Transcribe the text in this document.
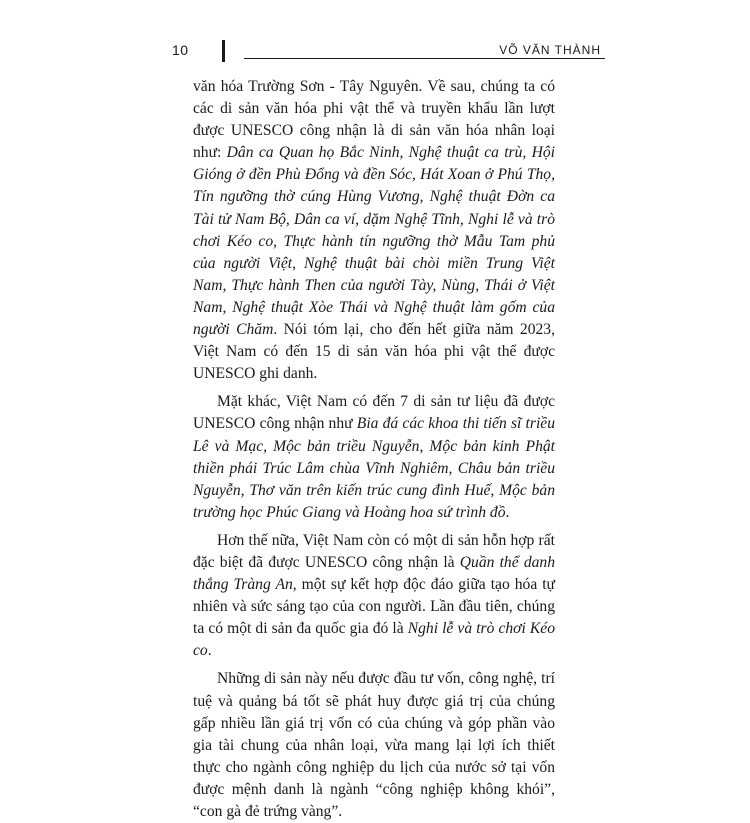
10	VÕ VĂN THÀNH

văn hóa Trường Sơn - Tây Nguyên. Về sau, chúng ta có các di sản văn hóa phi vật thể và truyền khẩu lần lượt được UNESCO công nhận là di sản văn hóa nhân loại như: Dân ca Quan họ Bắc Ninh, Nghệ thuật ca trù, Hội Gióng ở đền Phù Đổng và đền Sóc, Hát Xoan ở Phú Thọ, Tín ngưỡng thờ cúng Hùng Vương, Nghệ thuật Đờn ca Tài tử Nam Bộ, Dân ca ví, dặm Nghệ Tĩnh, Nghi lễ và trò chơi Kéo co, Thực hành tín ngưỡng thờ Mẫu Tam phủ của người Việt, Nghệ thuật bài chòi miền Trung Việt Nam, Thực hành Then của người Tày, Nùng, Thái ở Việt Nam, Nghệ thuật Xòe Thái và Nghệ thuật làm gốm của người Chăm. Nói tóm lại, cho đến hết giữa năm 2023, Việt Nam có đến 15 di sản văn hóa phi vật thể được UNESCO ghi danh.

Mặt khác, Việt Nam có đến 7 di sản tư liệu đã được UNESCO công nhận như Bia đá các khoa thi tiến sĩ triều Lê và Mạc, Mộc bản triều Nguyễn, Mộc bản kinh Phật thiền phái Trúc Lâm chùa Vĩnh Nghiêm, Châu bản triều Nguyễn, Thơ văn trên kiến trúc cung đình Huế, Mộc bản trường học Phúc Giang và Hoàng hoa sứ trình đồ.

Hơn thế nữa, Việt Nam còn có một di sản hỗn hợp rất đặc biệt đã được UNESCO công nhận là Quần thể danh thắng Tràng An, một sự kết hợp độc đáo giữa tạo hóa tự nhiên và sức sáng tạo của con người. Lần đầu tiên, chúng ta có một di sản đa quốc gia đó là Nghi lễ và trò chơi Kéo co.

Những di sản này nếu được đầu tư vốn, công nghệ, trí tuệ và quảng bá tốt sẽ phát huy được giá trị của chúng gấp nhiều lần giá trị vốn có của chúng và góp phần vào gia tài chung của nhân loại, vừa mang lại lợi ích thiết thực cho ngành công nghiệp du lịch của nước sở tại vốn được mệnh danh là ngành “công nghiệp không khói”, “con gà đẻ trứng vàng”.
